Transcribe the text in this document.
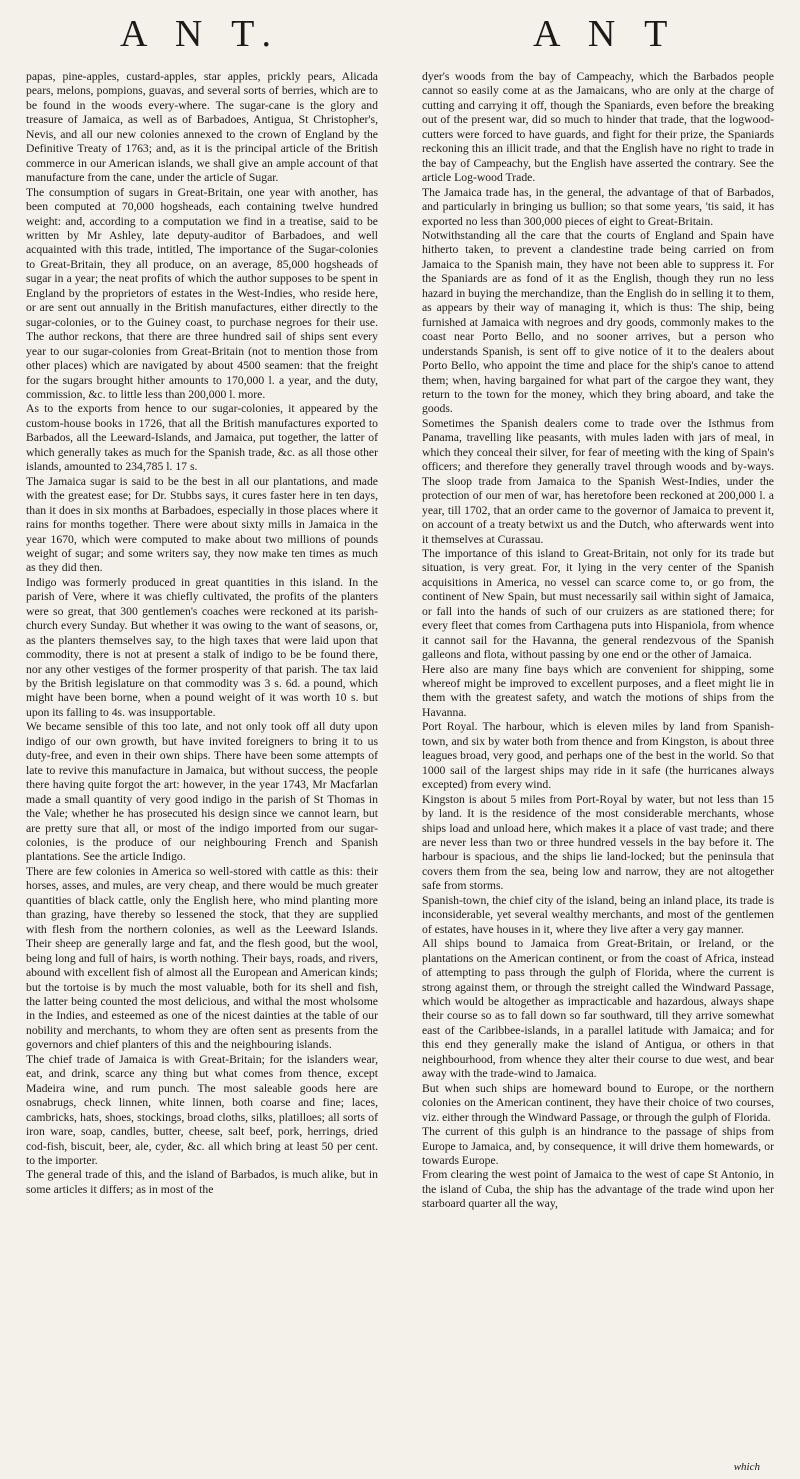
A N T.	A N T

papas, pine-apples, custard-apples, star apples, prickly pears, Alicada pears, melons, pompions, guavas, and several sorts of berries, which are to be found in the woods every-where. The sugar-cane is the glory and treasure of Jamaica, as well as of Barbadoes, Antigua, St Christopher's, Nevis, and all our new colonies annexed to the crown of England by the Definitive Treaty of 1763; and, as it is the principal article of the British commerce in our American islands, we shall give an ample account of that manufacture from the cane, under the article of Sugar.

The consumption of sugars in Great-Britain, one year with another, has been computed at 70,000 hogsheads, each containing twelve hundred weight: and, according to a computation we find in a treatise, said to be written by Mr Ashley, late deputy-auditor of Barbadoes, and well acquainted with this trade, intitled, The importance of the Sugar-colonies to Great-Britain, they all produce, on an average, 85,000 hogsheads of sugar in a year; the neat profits of which the author supposes to be spent in England by the proprietors of estates in the West-Indies, who reside here, or are sent out annually in the British manufactures, either directly to the sugar-colonies, or to the Guiney coast, to purchase negroes for their use. The author reckons, that there are three hundred sail of ships sent every year to our sugar-colonies from Great-Britain (not to mention those from other places) which are navigated by about 4500 seamen: that the freight for the sugars brought hither amounts to 170,000 l. a year, and the duty, commission, &c. to little less than 200,000 l. more.

As to the exports from hence to our sugar-colonies, it appeared by the custom-house books in 1726, that all the British manufactures exported to Barbados, all the Leeward-Islands, and Jamaica, put together, the latter of which generally takes as much for the Spanish trade, &c. as all those other islands, amounted to 234,785 l. 17 s.

The Jamaica sugar is said to be the best in all our plantations, and made with the greatest ease; for Dr. Stubbs says, it cures faster here in ten days, than it does in six months at Barbadoes, especially in those places where it rains for months together. There were about sixty mills in Jamaica in the year 1670, which were computed to make about two millions of pounds weight of sugar; and some writers say, they now make ten times as much as they did then.

Indigo was formerly produced in great quantities in this island. In the parish of Vere, where it was chiefly cultivated, the profits of the planters were so great, that 300 gentlemen's coaches were reckoned at its parish-church every Sunday. But whether it was owing to the want of seasons, or, as the planters themselves say, to the high taxes that were laid upon that commodity, there is not at present a stalk of indigo to be be found there, nor any other vestiges of the former prosperity of that parish. The tax laid by the British legislature on that commodity was 3 s. 6d. a pound, which might have been borne, when a pound weight of it was worth 10 s. but upon its falling to 4s. was insupportable.

We became sensible of this too late, and not only took off all duty upon indigo of our own growth, but have invited foreigners to bring it to us duty-free, and even in their own ships. There have been some attempts of late to revive this manufacture in Jamaica, but without success, the people there having quite forgot the art: however, in the year 1743, Mr Macfarlan made a small quantity of very good indigo in the parish of St Thomas in the Vale; whether he has prosecuted his design since we cannot learn, but are pretty sure that all, or most of the indigo imported from our sugar-colonies, is the produce of our neighbouring French and Spanish plantations. See the article Indigo.

There are few colonies in America so well-stored with cattle as this: their horses, asses, and mules, are very cheap, and there would be much greater quantities of black cattle, only the English here, who mind planting more than grazing, have thereby so lessened the stock, that they are supplied with flesh from the northern colonies, as well as the Leeward Islands. Their sheep are generally large and fat, and the flesh good, but the wool, being long and full of hairs, is worth nothing. Their bays, roads, and rivers, abound with excellent fish of almost all the European and American kinds; but the tortoise is by much the most valuable, both for its shell and fish, the latter being counted the most delicious, and withal the most wholsome in the Indies, and esteemed as one of the nicest dainties at the table of our nobility and merchants, to whom they are often sent as presents from the governors and chief planters of this and the neighbouring islands.

The chief trade of Jamaica is with Great-Britain; for the islanders wear, eat, and drink, scarce any thing but what comes from thence, except Madeira wine, and rum punch. The most saleable goods here are osnabrugs, check linnen, white linnen, both coarse and fine; laces, cambricks, hats, shoes, stockings, broad cloths, silks, platilloes; all sorts of iron ware, soap, candles, butter, cheese, salt beef, pork, herrings, dried cod-fish, biscuit, beer, ale, cyder, &c. all which bring at least 50 per cent. to the importer.

The general trade of this, and the island of Barbados, is much alike, but in some articles it differs; as in most of the

dyer's woods from the bay of Campeachy, which the Barbados people cannot so easily come at as the Jamaicans, who are only at the charge of cutting and carrying it off, though the Spaniards, even before the breaking out of the present war, did so much to hinder that trade, that the logwood-cutters were forced to have guards, and fight for their prize, the Spaniards reckoning this an illicit trade, and that the English have no right to trade in the bay of Campeachy, but the English have asserted the contrary. See the article Log-wood Trade.

The Jamaica trade has, in the general, the advantage of that of Barbados, and particularly in bringing us bullion; so that some years, 'tis said, it has exported no less than 300,000 pieces of eight to Great-Britain.

Notwithstanding all the care that the courts of England and Spain have hitherto taken, to prevent a clandestine trade being carried on from Jamaica to the Spanish main, they have not been able to suppress it. For the Spaniards are as fond of it as the English, though they run no less hazard in buying the merchandize, than the English do in selling it to them, as appears by their way of managing it, which is thus: The ship, being furnished at Jamaica with negroes and dry goods, commonly makes to the coast near Porto Bello, and no sooner arrives, but a person who understands Spanish, is sent off to give notice of it to the dealers about Porto Bello, who appoint the time and place for the ship's canoe to attend them; when, having bargained for what part of the cargoe they want, they return to the town for the money, which they bring aboard, and take the goods.

Sometimes the Spanish dealers come to trade over the Isthmus from Panama, travelling like peasants, with mules laden with jars of meal, in which they conceal their silver, for fear of meeting with the king of Spain's officers; and therefore they generally travel through woods and by-ways. The sloop trade from Jamaica to the Spanish West-Indies, under the protection of our men of war, has heretofore been reckoned at 200,000 l. a year, till 1702, that an order came to the governor of Jamaica to prevent it, on account of a treaty betwixt us and the Dutch, who afterwards went into it themselves at Curassau.

The importance of this island to Great-Britain, not only for its trade but situation, is very great. For, it lying in the very center of the Spanish acquisitions in America, no vessel can scarce come to, or go from, the continent of New Spain, but must necessarily sail within sight of Jamaica, or fall into the hands of such of our cruizers as are stationed there; for every fleet that comes from Carthagena puts into Hispaniola, from whence it cannot sail for the Havanna, the general rendezvous of the Spanish galleons and flota, without passing by one end or the other of Jamaica.

Here also are many fine bays which are convenient for shipping, some whereof might be improved to excellent purposes, and a fleet might lie in them with the greatest safety, and watch the motions of ships from the Havanna.

Port Royal. The harbour, which is eleven miles by land from Spanish-town, and six by water both from thence and from Kingston, is about three leagues broad, very good, and perhaps one of the best in the world. So that 1000 sail of the largest ships may ride in it safe (the hurricanes always excepted) from every wind.

Kingston is about 5 miles from Port-Royal by water, but not less than 15 by land. It is the residence of the most considerable merchants, whose ships load and unload here, which makes it a place of vast trade; and there are never less than two or three hundred vessels in the bay before it. The harbour is spacious, and the ships lie land-locked; but the peninsula that covers them from the sea, being low and narrow, they are not altogether safe from storms.

Spanish-town, the chief city of the island, being an inland place, its trade is inconsiderable, yet several wealthy merchants, and most of the gentlemen of estates, have houses in it, where they live after a very gay manner.

All ships bound to Jamaica from Great-Britain, or Ireland, or the plantations on the American continent, or from the coast of Africa, instead of attempting to pass through the gulph of Florida, where the current is strong against them, or through the streight called the Windward Passage, which would be altogether as impracticable and hazardous, always shape their course so as to fall down so far southward, till they arrive somewhat east of the Caribbee-islands, in a parallel latitude with Jamaica; and for this end they generally make the island of Antigua, or others in that neighbourhood, from whence they alter their course to due west, and bear away with the trade-wind to Jamaica.

But when such ships are homeward bound to Europe, or the northern colonies on the American continent, they have their choice of two courses, viz. either through the Windward Passage, or through the gulph of Florida.

The current of this gulph is an hindrance to the passage of ships from Europe to Jamaica, and, by consequence, it will drive them homewards, or towards Europe.

From clearing the west point of Jamaica to the west of cape St Antonio, in the island of Cuba, the ship has the advantage of the trade wind upon her starboard quarter all the way,

which
